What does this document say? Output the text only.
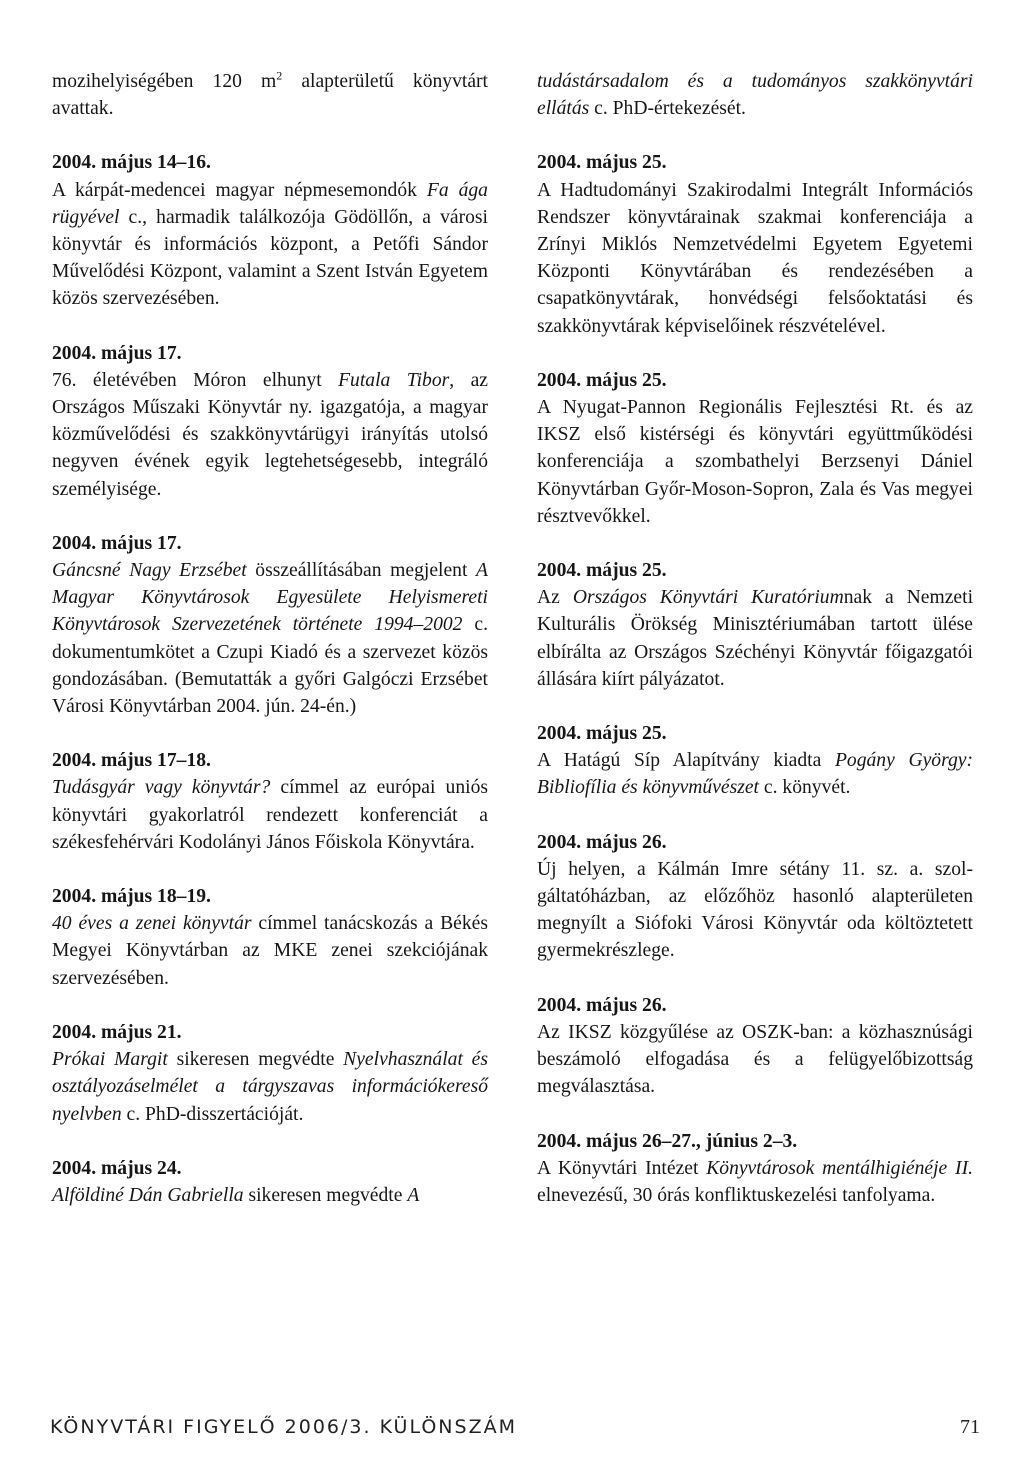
mozihelyiségében 120 $m^2$ alapterületű könyvtárt avattak.
2004. május 14–16.

A kárpát-medencei magyar népmesemondók Fa ága rügyével c., harmadik találkozója Gödöllőn, a városi könyvtár és információs központ, a Petőfi Sándor Művelődési Központ, valamint a Szent István Egyetem közös szervezésében.

2004. május 17.

76. életévében Móron elhunyt Futala Tibor, az Országos Műszaki Könyvtár ny. igazgatója, a magyar közművelődési és szakkönyvtárügyi irányítás utolsó negyven évének egyik legtehetségesebb, integráló személyisége.

2004. május 17.

Gáncsné Nagy Erzsébet összeállításában megjelent A Magyar Könyvtárosok Egyesülete Helyismereti Könyvtárosok Szervezetének története 1994–2002 c. dokumentumkötet a Czupi Kiadó és a szervezet közös gondozásában. (Bemutatták a győri Galgóczi Erzsébet Városi Könyvtárban 2004. jún. 24-én.)

2004. május 17–18.

Tudásgyár vagy könyvtár? címmel az európai uniós könyvtári gyakorlatról rendezett konferenciát a székesfehérvári Kodolányi János Főiskola Könyvtára.

2004. május 18–19.

40 éves a zenei könyvtár címmel tanácskozás a Békés Megyei Könyvtárban az MKE zenei szekciójának szervezésében.

2004. május 21.

Prókai Margit sikeresen megvédte Nyelvhasználat és osztályozáselmélet a tárgyszavas információkereső nyelvben c. PhD-disszertációját.

2004. május 24.

Alföldiné Dán Gabriella sikeresen megvédte A

tudástársadalom és a tudományos szakkönyvtári ellátás c. PhD-értekezését.
2004. május 25.

A Hadtudományi Szakirodalmi Integrált Információs Rendszer könyvtárainak szakmai konferenciája a Zrínyi Miklós Nemzetvédelmi Egyetem Egyetemi Központi Könyvtárában és rendezésében a csapatkönyvtárak, honvédségi felsőoktatási és szakkönyvtárak képviselőinek részvételével.

2004. május 25.

A Nyugat-Pannon Regionális Fejlesztési Rt. és az IKSZ első kistérségi és könyvtári együttműködési konferenciája a szombathelyi Berzsenyi Dániel Könyvtárban Győr-Moson-Sopron, Zala és Vas megyei résztvevőkkel.

2004. május 25.

Az Országos Könyvtári Kuratóriumnak a Nemzeti Kulturális Örökség Minisztériumában tartott ülése elbírálta az Országos Széchényi Könyvtár főigazgatói állására kiírt pályázatot.

2004. május 25.

A Hatágú Síp Alapítvány kiadta Pogány György: Bibliofília és könyvművészet c. könyvét.

2004. május 26.

Új helyen, a Kálmán Imre sétány 11. sz. a. szolgáltatóházban, az előzőhöz hasonló alapterületen megnyílt a Siófoki Városi Könyvtár oda költöztetett gyermekrészlege.

2004. május 26.

Az IKSZ közgyűlése az OSZK-ban: a közhasznúsági beszámoló elfogadása és a felügyelőbizottság megválasztása.

2004. május 26–27., június 2–3.

A Könyvtári Intézet Könyvtárosok mentálhigiénéje II. elnevezésű, 30 órás konfliktuskezelési tanfolyama.

KÖNYVTÁRI FIGYELŐ 2006/3. KÜLÖNSZÁM	71
